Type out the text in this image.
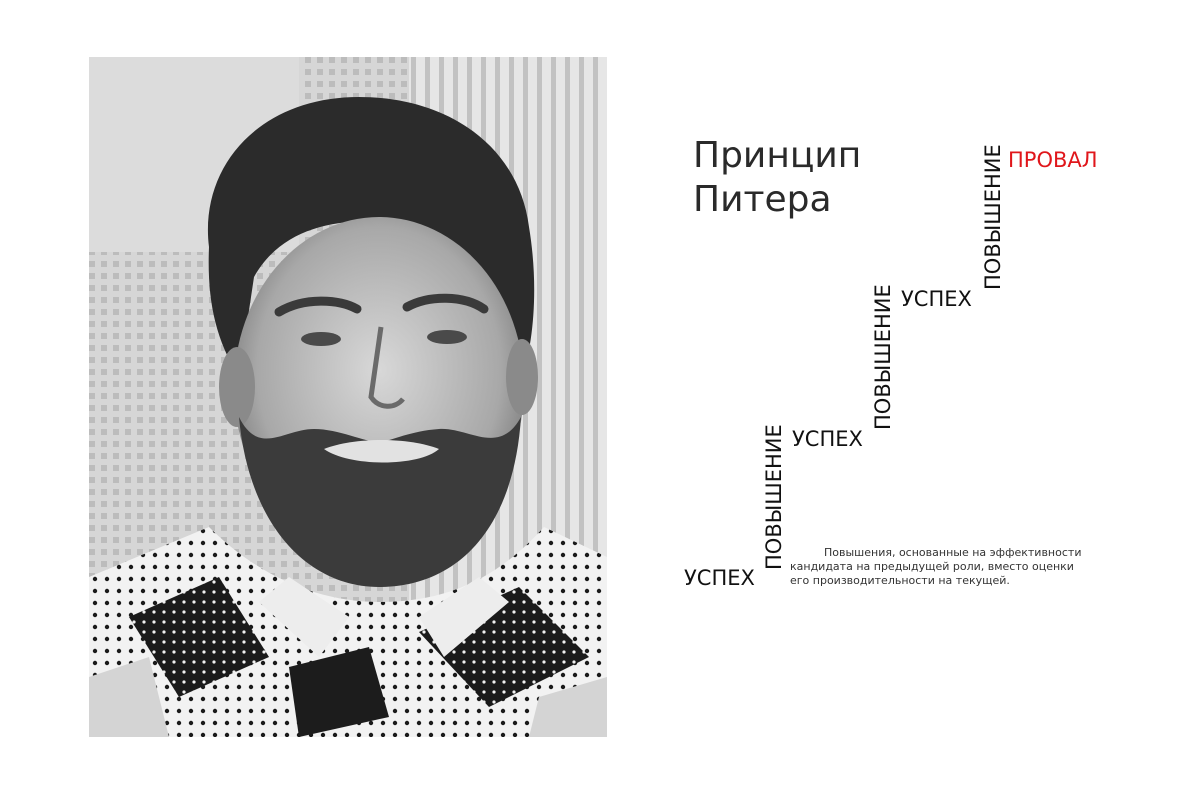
Принцип
Питера
УСПЕХ
ПОВЫШЕНИЕ УСПЕХ
ПОВЫШЕНИЕ УСПЕХ
ПОВЫШЕНИЕ ПРОВАЛ

Повышения, основанные на эффективности кандидата на предыдущей роли, вместо оценки его производительности на текущей.
